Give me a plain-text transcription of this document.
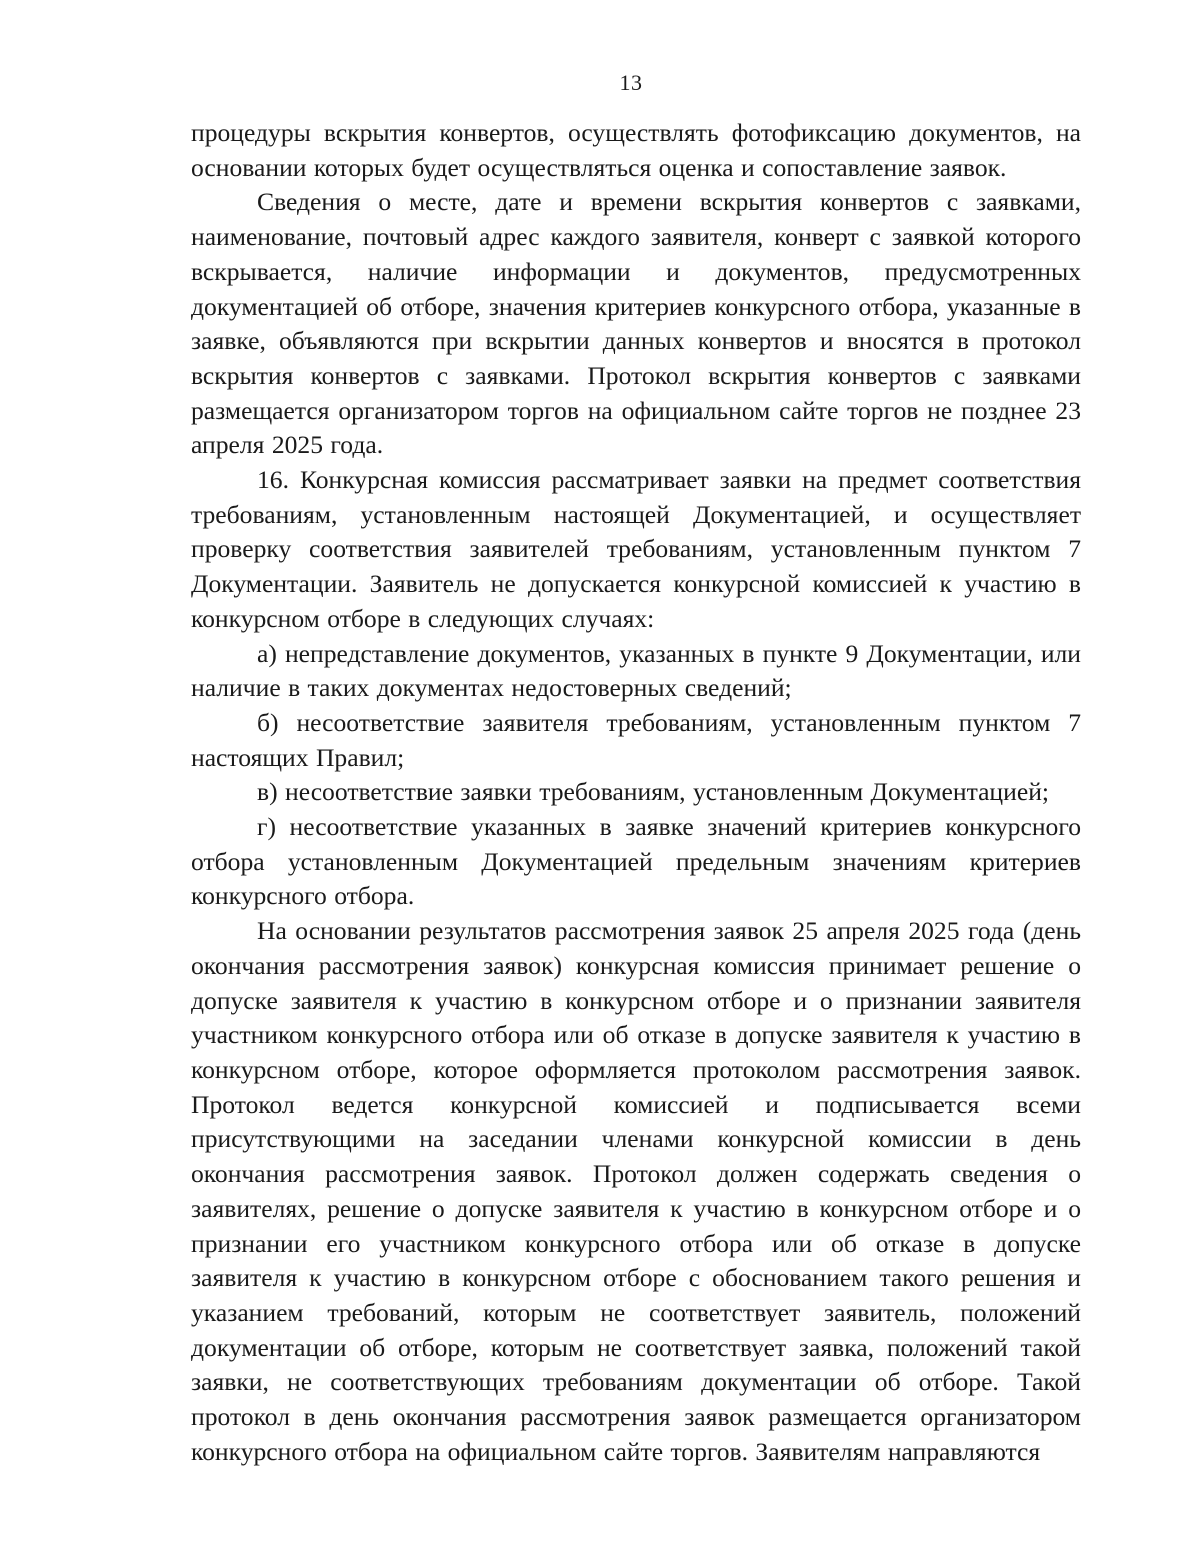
13

процедуры вскрытия конвертов, осуществлять фотофиксацию документов, на основании которых будет осуществляться оценка и сопоставление заявок.

Сведения о месте, дате и времени вскрытия конвертов с заявками, наименование, почтовый адрес каждого заявителя, конверт с заявкой которого вскрывается, наличие информации и документов, предусмотренных документацией об отборе, значения критериев конкурсного отбора, указанные в заявке, объявляются при вскрытии данных конвертов и вносятся в протокол вскрытия конвертов с заявками. Протокол вскрытия конвертов с заявками размещается организатором торгов на официальном сайте торгов не позднее 23 апреля 2025 года.

16. Конкурсная комиссия рассматривает заявки на предмет соответствия требованиям, установленным настоящей Документацией, и осуществляет проверку соответствия заявителей требованиям, установленным пунктом 7 Документации. Заявитель не допускается конкурсной комиссией к участию в конкурсном отборе в следующих случаях:

а) непредставление документов, указанных в пункте 9 Документации, или наличие в таких документах недостоверных сведений;

б) несоответствие заявителя требованиям, установленным пунктом 7 настоящих Правил;

в) несоответствие заявки требованиям, установленным Документацией;

г) несоответствие указанных в заявке значений критериев конкурсного отбора установленным Документацией предельным значениям критериев конкурсного отбора.

На основании результатов рассмотрения заявок 25 апреля 2025 года (день окончания рассмотрения заявок) конкурсная комиссия принимает решение о допуске заявителя к участию в конкурсном отборе и о признании заявителя участником конкурсного отбора или об отказе в допуске заявителя к участию в конкурсном отборе, которое оформляется протоколом рассмотрения заявок. Протокол ведется конкурсной комиссией и подписывается всеми присутствующими на заседании членами конкурсной комиссии в день окончания рассмотрения заявок. Протокол должен содержать сведения о заявителях, решение о допуске заявителя к участию в конкурсном отборе и о признании его участником конкурсного отбора или об отказе в допуске заявителя к участию в конкурсном отборе с обоснованием такого решения и указанием требований, которым не соответствует заявитель, положений документации об отборе, которым не соответствует заявка, положений такой заявки, не соответствующих требованиям документации об отборе. Такой протокол в день окончания рассмотрения заявок размещается организатором конкурсного отбора на официальном сайте торгов. Заявителям направляются
